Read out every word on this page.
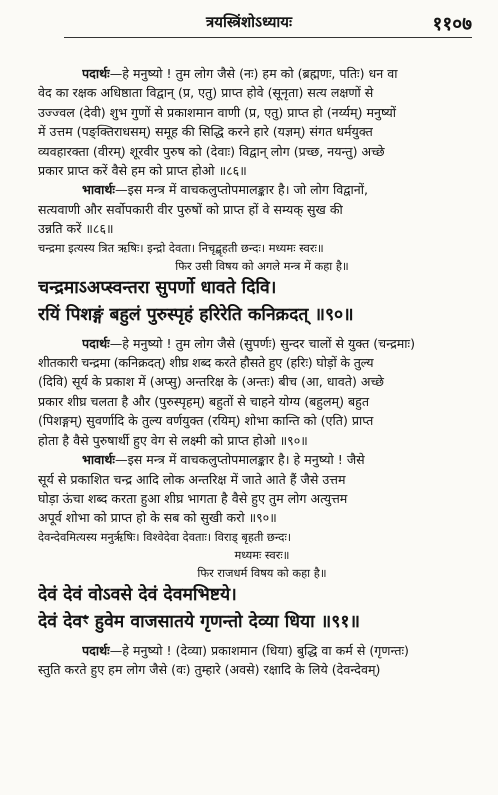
त्रयस्त्रिंशोऽध्यायः	११०७
पदार्थः—हे मनुष्यो ! तुम लोग जैसे (नः) हम को (ब्रह्मणः, पतिः) धन वा
वेद का रक्षक अधिष्ठाता विद्वान् (प्र, एतु) प्राप्त होवे (सूनृता) सत्य लक्षणों से
उज्ज्वल (देवी) शुभ गुणों से प्रकाशमान वाणी (प्र, एतु) प्राप्त हो (नर्य्यम्) मनुष्यों
में उत्तम (पङ्क्तिराधसम्) समूह की सिद्धि करने हारे (यज्ञम्) संगत धर्मयुक्त
व्यवहारक्ता (वीरम्) शूरवीर पुरुष को (देवाः) विद्वान् लोग (प्रच्छ, नयन्तु) अच्छे
प्रकार प्राप्त करें वैसे हम को प्राप्त होओ ॥८६॥
भावार्थः—इस मन्त्र में वाचकलुप्तोपमालङ्कार है। जो लोग विद्वानों,
सत्यवाणी और सर्वोपकारी वीर पुरुषों को प्राप्त हों वे सम्यक् सुख की
उन्नति करें ॥८६॥
चन्द्रमा इत्यस्य त्रित ऋषिः। इन्द्रो देवता। निचृद्बृहती छन्दः। मध्यमः स्वरः॥
फिर उसी विषय को अगले मन्त्र में कहा है॥
चन्द्रमाऽअप्स्वन्तरा सुपर्णो धावते दिवि।
रयिं पिशङ्गं बहुलं पुरुस्पृहं हरिरेति कनिक्रदत् ॥९०॥
पदार्थः—हे मनुष्यो ! तुम लोग जैसे (सुपर्णः) सुन्दर चालों से युक्त (चन्द्रमाः)
शीतकारी चन्द्रमा (कनिक्रदत्) शीघ्र शब्द करते हौसते हुए (हरिः) घोड़ों के तुल्य
(दिवि) सूर्य के प्रकाश में (अप्सु) अन्तरिक्ष के (अन्तः) बीच (आ, धावते) अच्छे
प्रकार शीघ्र चलता है और (पुरुस्पृहम्) बहुतों से चाहने योग्य (बहुलम्) बहुत
(पिशङ्गम्) सुवर्णादि के तुल्य वर्णयुक्त (रयिम्) शोभा कान्ति को (एति) प्राप्त
होता है वैसे पुरुषार्थी हुए वेग से लक्ष्मी को प्राप्त होओ ॥९०॥
भावार्थः—इस मन्त्र में वाचकलुप्तोपमालङ्कार है। हे मनुष्यो ! जैसे
सूर्य से प्रकाशित चन्द्र आदि लोक अन्तरिक्ष में जाते आते हैं जैसे उत्तम
घोड़ा ऊंचा शब्द करता हुआ शीघ्र भागता है वैसे हुए तुम लोग अत्युत्तम
अपूर्व शोभा को प्राप्त हो के सब को सुखी करो ॥९०॥
देवन्देवमित्यस्य मनुर्ऋषिः। विश्वेदेवा देवताः। विराड् बृहती छन्दः।
मध्यमः स्वरः॥
फिर राजधर्म विषय को कहा है॥
देवं देवं वोऽवसे देवं देवमभिष्टये।
देवं देवꣳ हुवेम वाजसातये गृणन्तो देव्या धिया ॥९१॥
पदार्थः—हे मनुष्यो ! (देव्या) प्रकाशमान (धिया) बुद्धि वा कर्म से (गृणन्तः)
स्तुति करते हुए हम लोग जैसे (वः) तुम्हारे (अवसे) रक्षादि के लिये (देवन्देवम्)
